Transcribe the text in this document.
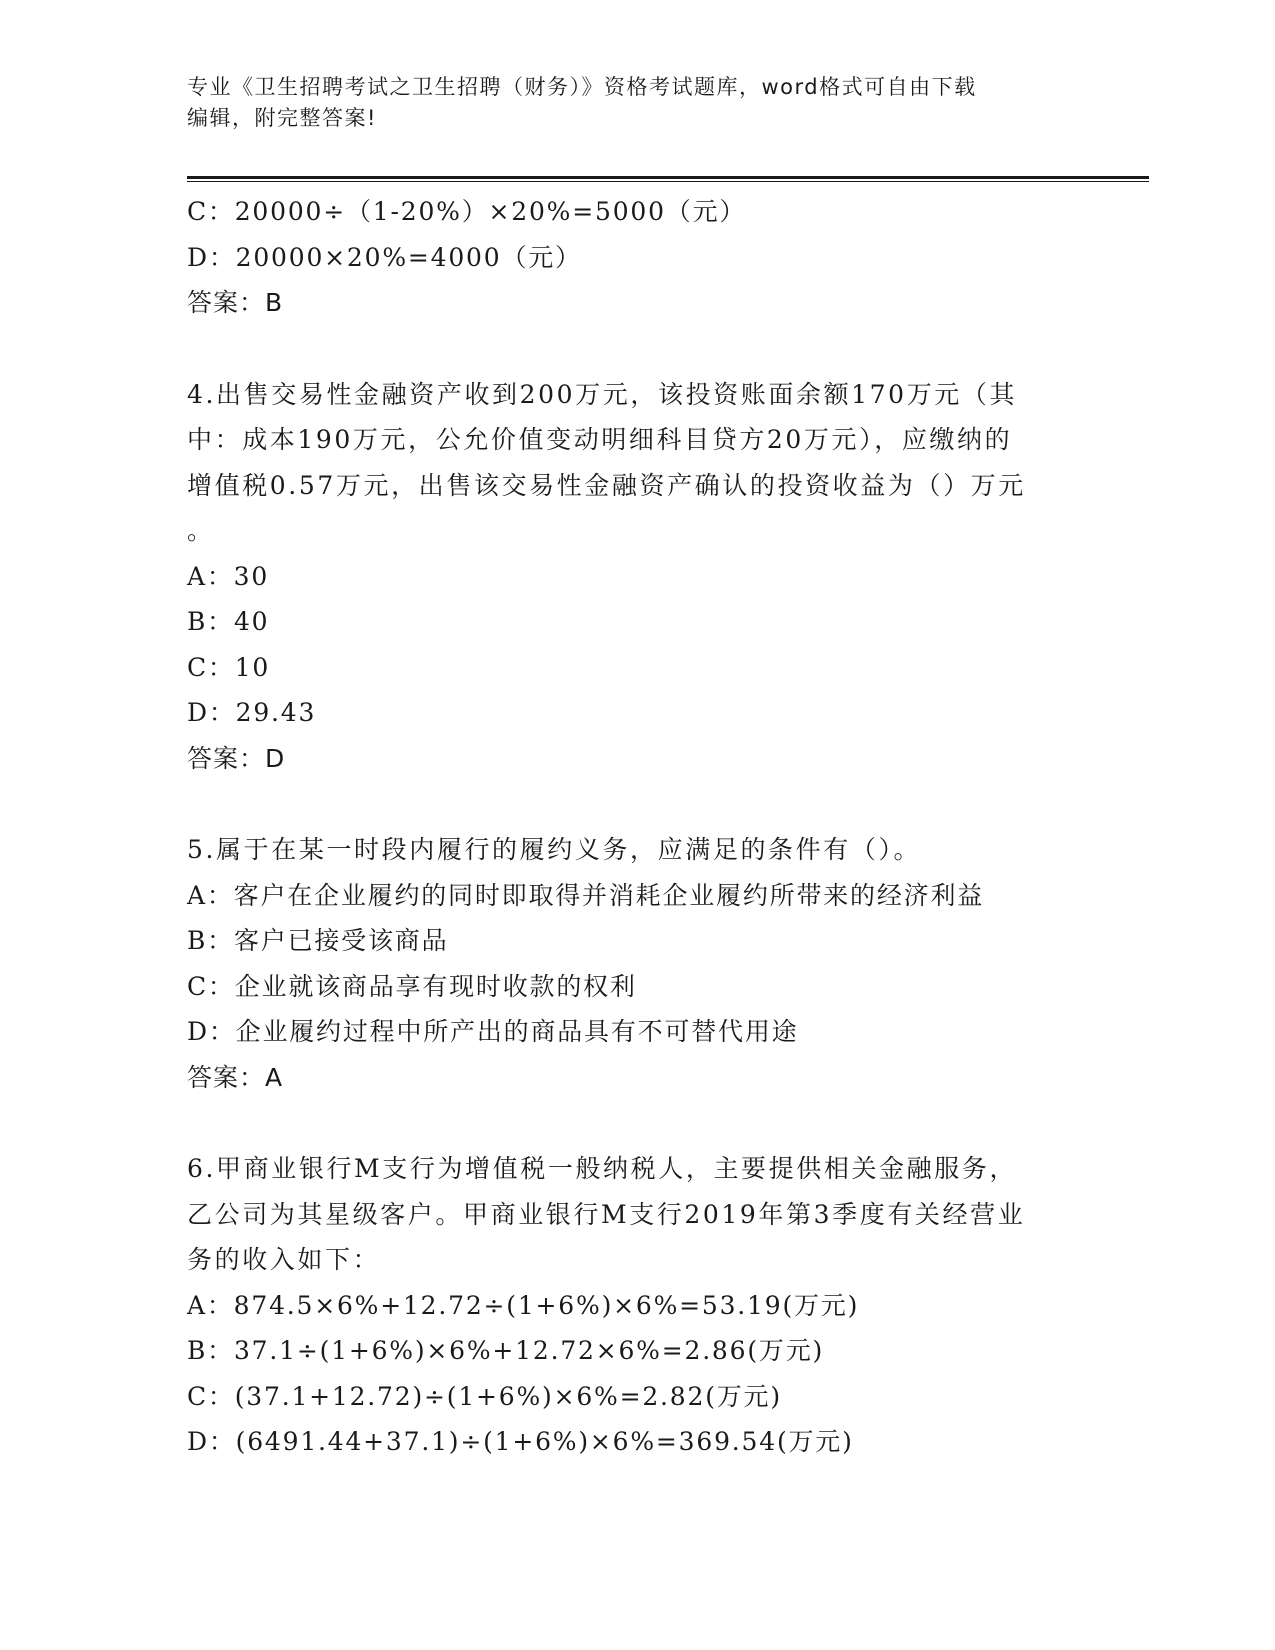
专业《卫生招聘考试之卫生招聘（财务）》资格考试题库，word格式可自由下载
编辑，附完整答案!
C：20000÷（1-20%）×20%=5000（元）
D：20000×20%=4000（元）
答案：B
4.出售交易性金融资产收到200万元，该投资账面余额170万元（其
中：成本190万元，公允价值变动明细科目贷方20万元），应缴纳的
增值税0.57万元，出售该交易性金融资产确认的投资收益为（）万元
。
A：30
B：40
C：10
D：29.43
答案：D
5.属于在某一时段内履行的履约义务，应满足的条件有（）。
A：客户在企业履约的同时即取得并消耗企业履约所带来的经济利益
B：客户已接受该商品
C：企业就该商品享有现时收款的权利
D：企业履约过程中所产出的商品具有不可替代用途
答案：A
6.甲商业银行M支行为增值税一般纳税人，主要提供相关金融服务，
乙公司为其星级客户。甲商业银行M支行2019年第3季度有关经营业
务的收入如下：
A：874.5×6%+12.72÷(1+6%)×6%=53.19(万元)
B：37.1÷(1+6%)×6%+12.72×6%=2.86(万元)
C：(37.1+12.72)÷(1+6%)×6%=2.82(万元)
D：(6491.44+37.1)÷(1+6%)×6%=369.54(万元)
